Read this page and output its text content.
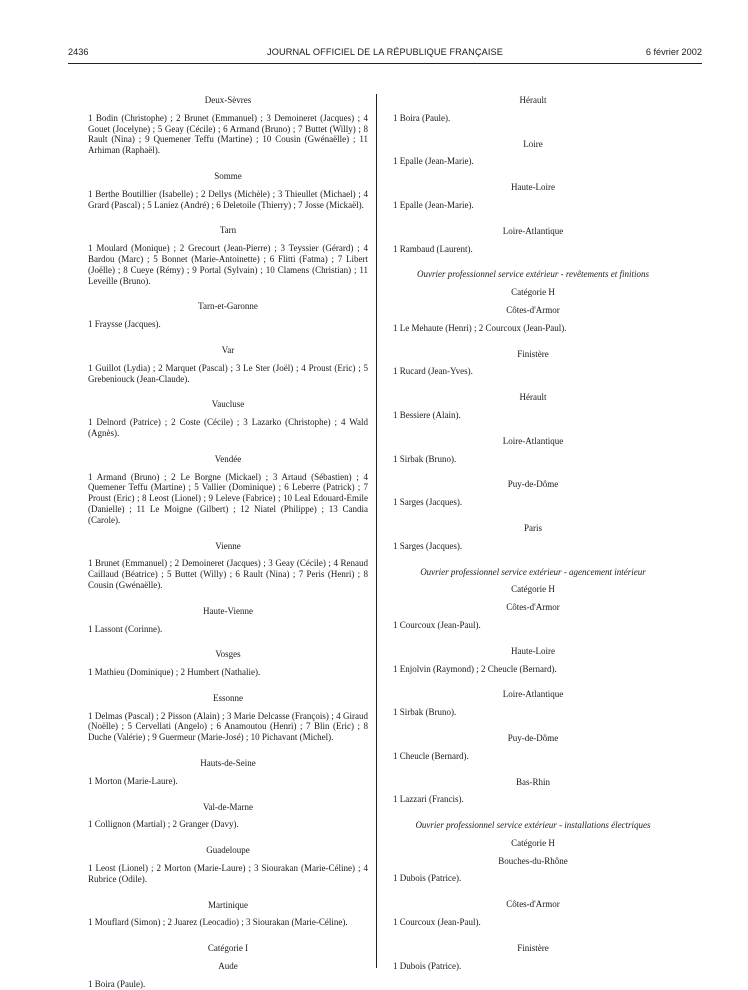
2436	JOURNAL OFFICIEL DE LA RÉPUBLIQUE FRANÇAISE	6 février 2002
Deux-Sèvres
1 Bodin (Christophe) ; 2 Brunet (Emmanuel) ; 3 Demoineret (Jacques) ; 4 Gouet (Jocelyne) ; 5 Geay (Cécile) ; 6 Armand (Bruno) ; 7 Buttet (Willy) ; 8 Rault (Nina) ; 9 Quemener Teffu (Martine) ; 10 Cousin (Gwénaëlle) ; 11 Arhiman (Raphaël).
Somme
1 Berthe Boutillier (Isabelle) ; 2 Dellys (Michèle) ; 3 Thieullet (Michael) ; 4 Grard (Pascal) ; 5 Laniez (André) ; 6 Deletoile (Thierry) ; 7 Josse (Mickaël).
Tarn
1 Moulard (Monique) ; 2 Grecourt (Jean-Pierre) ; 3 Teyssier (Gérard) ; 4 Bardou (Marc) ; 5 Bonnet (Marie-Antoinette) ; 6 Flitti (Fatma) ; 7 Libert (Joëlle) ; 8 Cueye (Rémy) ; 9 Portal (Sylvain) ; 10 Clamens (Christian) ; 11 Leveille (Bruno).
Tarn-et-Garonne
1 Fraysse (Jacques).
Var
1 Guillot (Lydia) ; 2 Marquet (Pascal) ; 3 Le Ster (Joël) ; 4 Proust (Eric) ; 5 Grebeniouck (Jean-Claude).
Vaucluse
1 Delnord (Patrice) ; 2 Coste (Cécile) ; 3 Lazarko (Christophe) ; 4 Wald (Agnès).
Vendée
1 Armand (Bruno) ; 2 Le Borgne (Mickael) ; 3 Artaud (Sébastien) ; 4 Quemener Teffu (Martine) ; 5 Vallier (Dominique) ; 6 Leberre (Patrick) ; 7 Proust (Eric) ; 8 Leost (Lionel) ; 9 Leleve (Fabrice) ; 10 Leal Edouard-Emile (Danielle) ; 11 Le Moigne (Gilbert) ; 12 Niatel (Philippe) ; 13 Candia (Carole).
Vienne
1 Brunet (Emmanuel) ; 2 Demoineret (Jacques) ; 3 Geay (Cécile) ; 4 Renaud Caillaud (Béatrice) ; 5 Buttet (Willy) ; 6 Rault (Nina) ; 7 Peris (Henri) ; 8 Cousin (Gwénaëlle).
Haute-Vienne
1 Lassont (Corinne).
Vosges
1 Mathieu (Dominique) ; 2 Humbert (Nathalie).
Essonne
1 Delmas (Pascal) ; 2 Pisson (Alain) ; 3 Marie Delcasse (François) ; 4 Giraud (Noëlle) ; 5 Cervellati (Angelo) ; 6 Anamoutou (Henri) ; 7 Blin (Eric) ; 8 Duche (Valérie) ; 9 Guermeur (Marie-José) ; 10 Pichavant (Michel).
Hauts-de-Seine
1 Morton (Marie-Laure).
Val-de-Marne
1 Collignon (Martial) ; 2 Granger (Davy).
Guadeloupe
1 Leost (Lionel) ; 2 Morton (Marie-Laure) ; 3 Siourakan (Marie-Céline) ; 4 Rubrice (Odile).
Martinique
1 Mouflard (Simon) ; 2 Juarez (Leocadio) ; 3 Siourakan (Marie-Céline).
Catégorie I
Aude
1 Boira (Paule).
Hérault
1 Boira (Paule).
Loire
1 Epalle (Jean-Marie).
Haute-Loire
1 Epalle (Jean-Marie).
Loire-Atlantique
1 Rambaud (Laurent).
Ouvrier professionnel service extérieur - revêtements et finitions
Catégorie H
Côtes-d'Armor
1 Le Mehaute (Henri) ; 2 Courcoux (Jean-Paul).
Finistère
1 Rucard (Jean-Yves).
Hérault
1 Bessiere (Alain).
Loire-Atlantique
1 Sirbak (Bruno).
Puy-de-Dôme
1 Sarges (Jacques).
Paris
1 Sarges (Jacques).
Ouvrier professionnel service extérieur - agencement intérieur
Catégorie H
Côtes-d'Armor
1 Courcoux (Jean-Paul).
Haute-Loire
1 Enjolvin (Raymond) ; 2 Cheucle (Bernard).
Loire-Atlantique
1 Sirbak (Bruno).
Puy-de-Dôme
1 Cheucle (Bernard).
Bas-Rhin
1 Lazzari (Francis).
Ouvrier professionnel service extérieur - installations électriques
Catégorie H
Bouches-du-Rhône
1 Dubois (Patrice).
Côtes-d'Armor
1 Courcoux (Jean-Paul).
Finistère
1 Dubois (Patrice).
